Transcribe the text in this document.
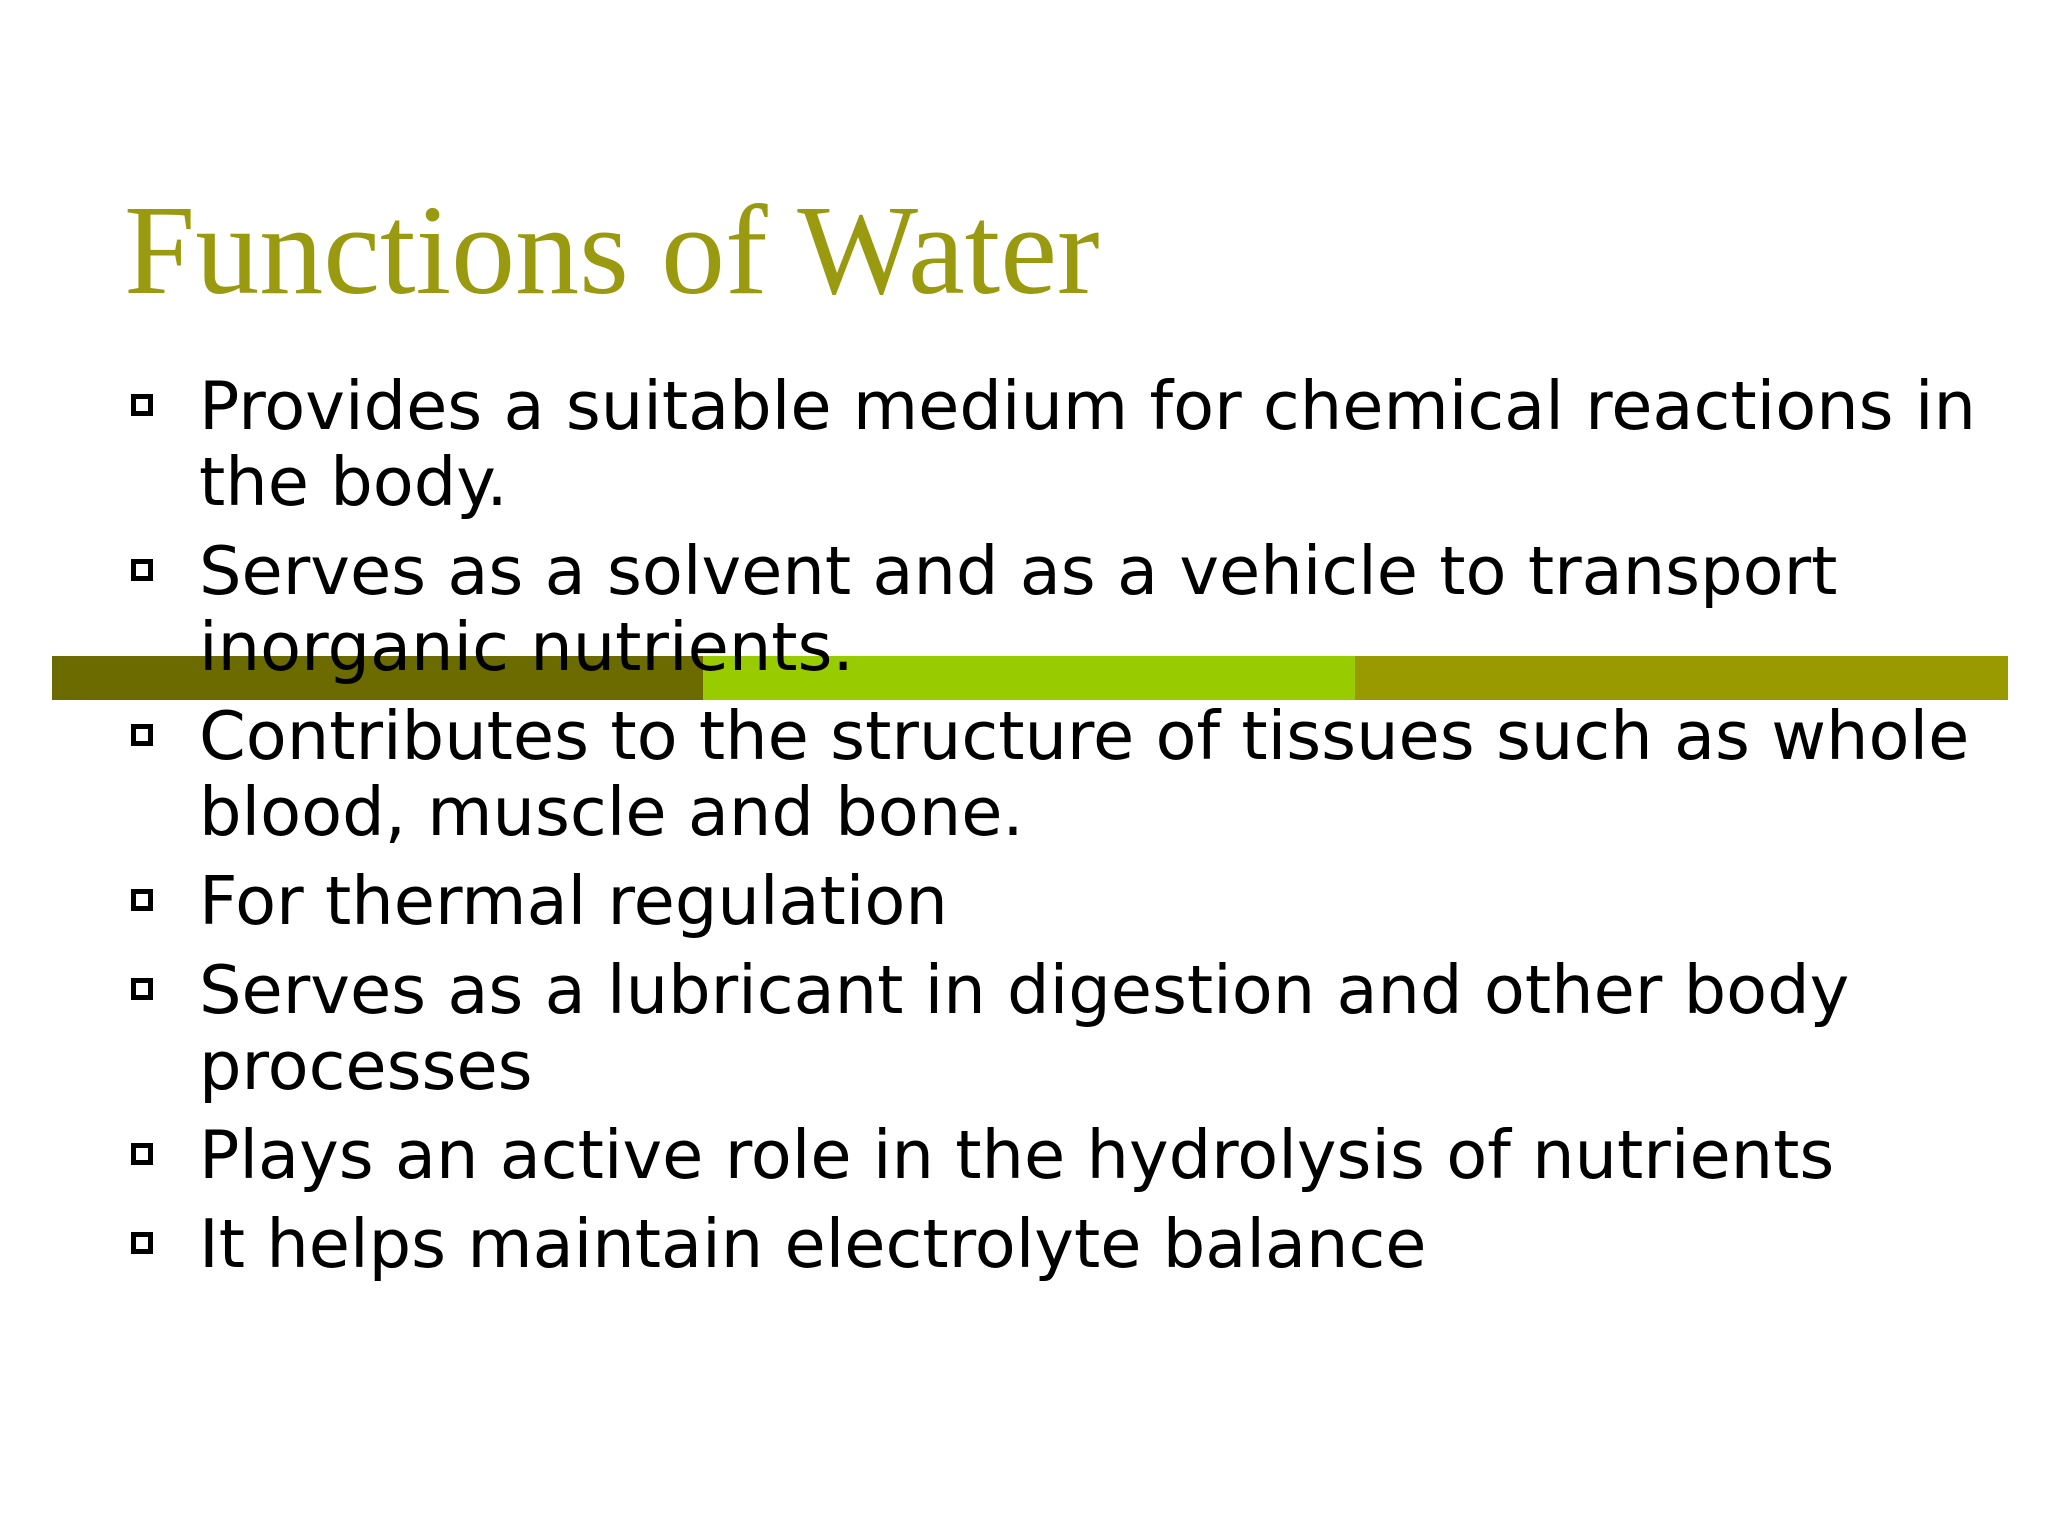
Functions of Water
Provides a suitable medium for chemical reactions in the body.
Serves as a solvent and as a vehicle to transport inorganic nutrients.
Contributes to the structure of tissues such as whole blood, muscle and bone.
For thermal regulation
Serves as a lubricant in digestion and other body processes
Plays an active role in the hydrolysis of nutrients
It helps maintain electrolyte balance
